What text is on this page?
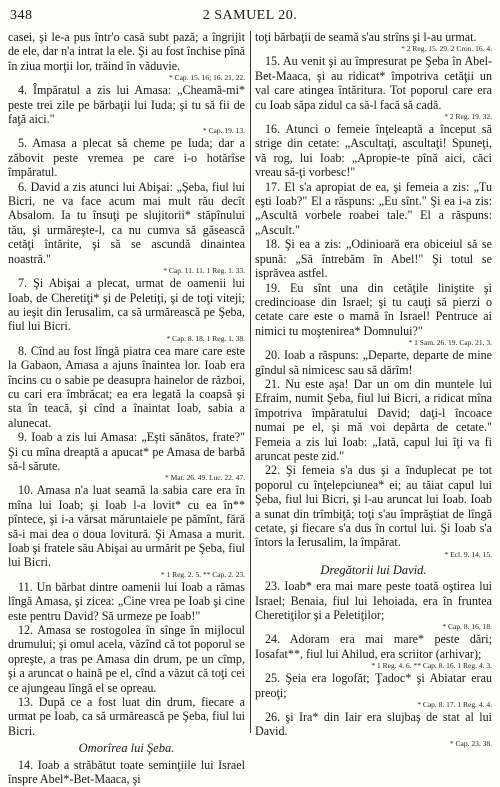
348	2 SAMUEL 20.

casei, şi le-a pus într'o casă subt pază; a îngrijit de ele, dar n'a intrat la ele. Şi au fost închise pînă în ziua morţii lor, trăind în văduvie.

* Cap. 15. 16; 16. 21, 22.

4. Împăratul a zis lui Amasa: „Cheamă-mi* peste trei zile pe bărbaţii lui Iuda; şi tu să fii de faţă aici."

* Cap. 19. 13.

5. Amasa a plecat să cheme pe Iuda; dar a zăbovit peste vremea pe care i-o hotărîse împăratul.

6. David a zis atunci lui Abişai: „Şeba, fiul lui Bicri, ne va face acum mai mult rău decît Absalom. Ia tu însuţi pe slujitorii* stăpînului tău, şi urmăreşte-l, ca nu cumva să găsească cetăţi întărite, şi să se ascundă dinaintea noastră."

* Cap. 11. 11. 1 Reg. 1. 33.

7. Şi Abişai a plecat, urmat de oamenii lui Ioab, de Cheretiţi* şi de Peletiţi, şi de toţi viteji; au ieşit din Ierusalim, ca să urmărească pe Şeba, fiul lui Bicri.

* Cap. 8. 18. 1 Reg. 1. 38.

8. Cînd au fost lîngă piatra cea mare care este la Gabaon, Amasa a ajuns înaintea lor. Ioab era încins cu o sabie pe deasupra hainelor de război, cu cari era îmbrăcat; ea era legată la coapsă şi sta în teacă, şi cînd a înaintat Ioab, sabia a alunecat.

9. Ioab a zis lui Amasa: „Eşti sănătos, frate?" Şi cu mîna dreaptă a apucat* pe Amasa de barbă să-l sărute.

* Mat. 26. 49. Luc. 22. 47.

10. Amasa n'a luat seamă la sabia care era în mîna lui Ioab; şi Ioab l-a lovit* cu ea în** pîntece, şi i-a vărsat măruntaiele pe pămînt, fără să-i mai dea o doua lovitură. Şi Amasa a murit. Ioab şi fratele său Abişai au urmărit pe Şeba, fiul lui Bicri.

* 1 Reg. 2. 5. ** Cap. 2. 23.

11. Un bărbat dintre oamenii lui Ioab a rămas lîngă Amasa, şi zicea: „Cine vrea pe Ioab şi cine este pentru David? Să urmeze pe Ioab!"

12. Amasa se rostogolea în sînge în mijlocul drumului; şi omul acela, văzînd că tot poporul se opreşte, a tras pe Amasa din drum, pe un cîmp, şi a aruncat o haină pe el, cînd a văzut că toţi cei ce ajungeau lîngă el se opreau.

13. După ce a fost luat din drum, fiecare a urmat pe Ioab, ca să urmărească pe Şeba, fiul lui Bicri.

Omorîrea lui Şeba.

14. Ioab a străbătut toate seminţiile lui Israel înspre Abel*-Bet-Maaca, şi

toţi bărbaţii de seamă s'au strîns şi l-au urmat.

* 2 Reg. 15. 29. 2 Cron. 16. 4.

15. Au venit şi au împresurat pe Şeba în Abel-Bet-Maaca, şi au ridicat* împotriva cetăţii un val care atingea întăritura. Tot poporul care era cu Ioab săpa zidul ca să-l facă să cadă.

* 2 Reg. 19. 32.

16. Atunci o femeie înţeleaptă a început să strige din cetate: „Ascultaţi, ascultaţi! Spuneţi, vă rog, lui Ioab: „Apropie-te pînă aici, căci vreau să-ţi vorbesc!"

17. El s'a apropiat de ea, şi femeia a zis: „Tu eşti Ioab?" El a răspuns: „Eu sînt." Şi ea i-a zis: „Ascultă vorbele roabei tale." El a răspuns: „Ascult."

18. Şi ea a zis: „Odinioară era obiceiul să se spună: „Să întrebăm în Abel!" Şi totul se isprăvea astfel.

19. Eu sînt una din cetăţile liniştite şi credincioase din Israel; şi tu cauţi să pierzi o cetate care este o mamă în Israel! Pentruce ai nimici tu moştenirea* Domnului?"

* 1 Sam. 26. 19. Cap. 21. 3.

20. Ioab a răspuns: „Departe, departe de mine gîndul să nimicesc sau să dărîm!

21. Nu este aşa! Dar un om din muntele lui Efraim, numit Şeba, fiul lui Bicri, a ridicat mîna împotriva împăratului David; daţi-l încoace numai pe el, şi mă voi depărta de cetate." Femeia a zis lui Ioab: „Iată, capul lui îţi va fi aruncat peste zid."

22. Şi femeia s'a dus şi a înduplecat pe tot poporul cu înţelepciunea* ei; au tăiat capul lui Şeba, fiul lui Bicri, şi l-au aruncat lui Ioab. Ioab a sunat din trîmbiţă; toţi s'au împrăştiat de lîngă cetate, şi fiecare s'a dus în cortul lui. Şi Ioab s'a întors la Ierusalim, la împărat.

* Ecl. 9. 14, 15.

Dregătorii lui David.

23. Ioab* era mai mare peste toată oştirea lui Israel; Benaia, fiul lui Iehoiada, era în fruntea Cheretiţilor şi a Peletiţilor;

* Cap. 8. 16, 18.

24. Adoram era mai mare* peste dări; Iosafat**, fiul lui Ahilud, era scriitor (arhivar);

* 1 Reg. 4. 6. ** Cap. 8. 16. 1 Reg. 4. 3.

25. Şeia era logofăt; Ţadoc* şi Abiatar erau preoţi;

* Cap. 8. 17. 1 Reg. 4. 4.

26. şi Ira* din Iair era slujbaş de stat al lui David.

* Cap. 23. 38.
